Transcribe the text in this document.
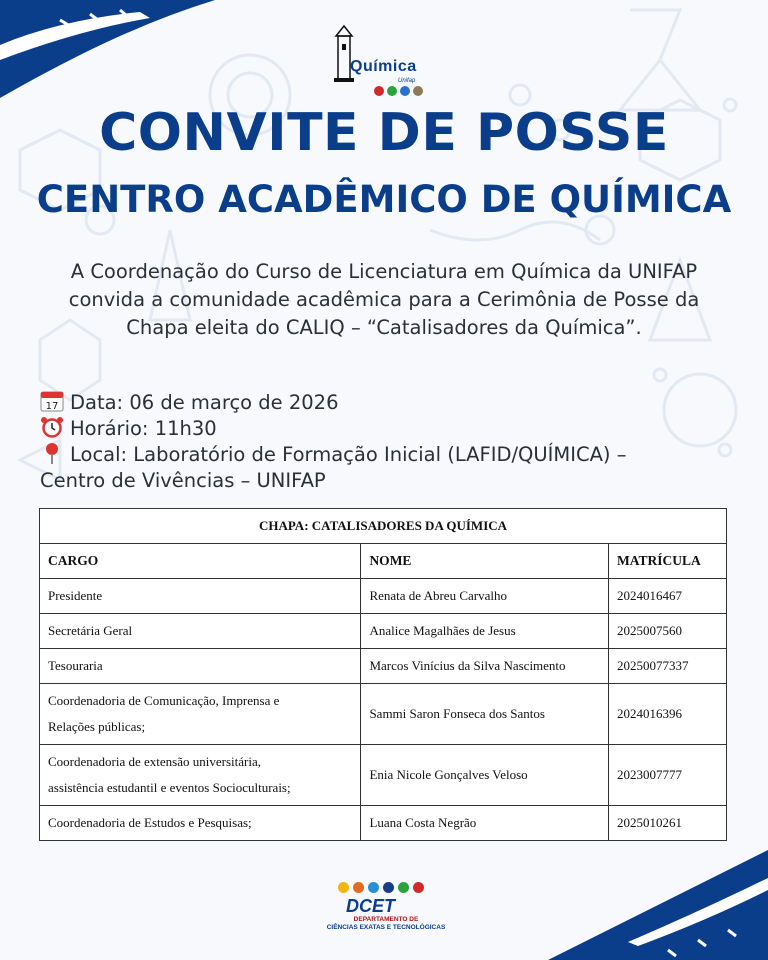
Química
Unifap
CONVITE DE POSSE
CENTRO ACADÊMICO DE QUÍMICA

A Coordenação do Curso de Licenciatura em Química da UNIFAP convida a comunidade acadêmica para a Cerimônia de Posse da Chapa eleita do CALIQ – “Catalisadores da Química”.

17 Data: 06 de março de 2026
Horário: 11h30
Local: Laboratório de Formação Inicial (LAFID/QUÍMICA) –
Centro de Vivências – UNIFAP
CHAPA: CATALISADORES DA QUÍMICA		
CARGO	NOME	MATRÍCULA
Presidente	Renata de Abreu Carvalho	2024016467
Secretária Geral	Analice Magalhães de Jesus	2025007560
Tesouraria	Marcos Vinícius da Silva Nascimento	20250077337
Coordenadoria de Comunicação, Imprensa e
Relações públicas;	Sammi Saron Fonseca dos Santos	2024016396
Coordenadoria de extensão universitária,
assistência estudantil e eventos Socioculturais;	Enia Nicole Gonçalves Veloso	2023007777
Coordenadoria de Estudos e Pesquisas;	Luana Costa Negrão	2025010261
DCET
DEPARTAMENTO DE
CIÊNCIAS EXATAS E TECNOLÓGICAS
